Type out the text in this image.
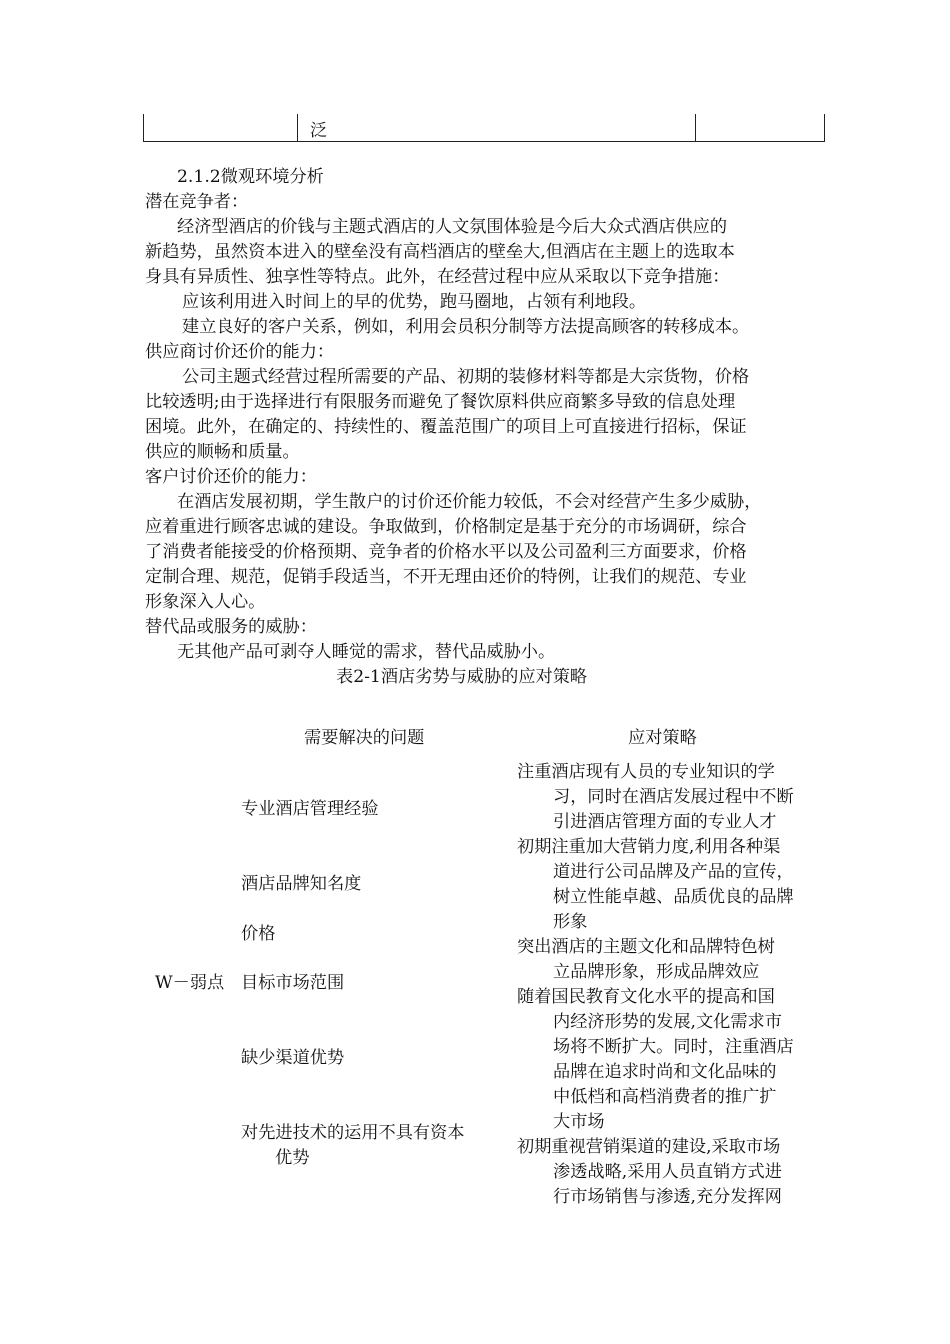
泛
2.1.2微观环境分析
潜在竞争者：
经济型酒店的价钱与主题式酒店的人文氛围体验是今后大众式酒店供应的
新趋势，虽然资本进入的壁垒没有高档酒店的壁垒大,但酒店在主题上的选取本
身具有异质性、独享性等特点。此外，在经营过程中应从采取以下竞争措施：
应该利用进入时间上的早的优势，跑马圈地，占领有利地段。
建立良好的客户关系，例如，利用会员积分制等方法提高顾客的转移成本。
供应商讨价还价的能力：
公司主题式经营过程所需要的产品、初期的装修材料等都是大宗货物，价格
比较透明;由于选择进行有限服务而避免了餐饮原料供应商繁多导致的信息处理
困境。此外，在确定的、持续性的、覆盖范围广的项目上可直接进行招标，保证
供应的顺畅和质量。
客户讨价还价的能力：
在酒店发展初期，学生散户的讨价还价能力较低，不会对经营产生多少威胁，
应着重进行顾客忠诚的建设。争取做到，价格制定是基于充分的市场调研，综合
了消费者能接受的价格预期、竞争者的价格水平以及公司盈利三方面要求，价格
定制合理、规范，促销手段适当，不开无理由还价的特例，让我们的规范、专业
形象深入人心。
替代品或服务的威胁：
无其他产品可剥夺人睡觉的需求，替代品威胁小。
表2-1酒店劣势与威胁的应对策略
需要解决的问题	应对策略
W－弱点
专业酒店管理经验
酒店品牌知名度
价格
目标市场范围
缺少渠道优势
对先进技术的运用不具有资本
优势
注重酒店现有人员的专业知识的学
习，同时在酒店发展过程中不断
引进酒店管理方面的专业人才
初期注重加大营销力度,利用各种渠
道进行公司品牌及产品的宣传，
树立性能卓越、品质优良的品牌
形象
突出酒店的主题文化和品牌特色树
立品牌形象，形成品牌效应
随着国民教育文化水平的提高和国
内经济形势的发展,文化需求市
场将不断扩大。同时，注重酒店
品牌在追求时尚和文化品味的
中低档和高档消费者的推广扩
大市场
初期重视营销渠道的建设,采取市场
渗透战略,采用人员直销方式进
行市场销售与渗透,充分发挥网
